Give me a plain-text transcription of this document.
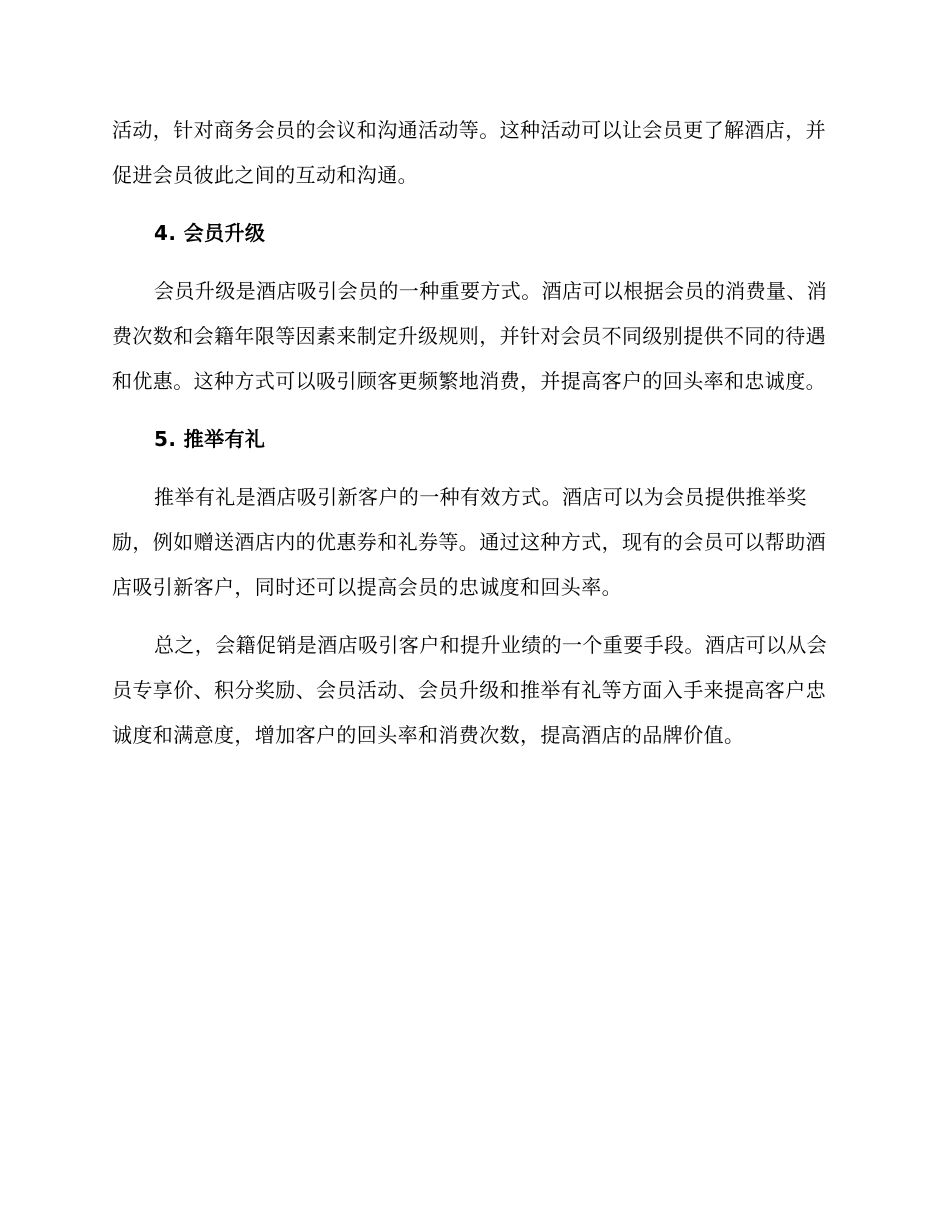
活动，针对商务会员的会议和沟通活动等。这种活动可以让会员更了解酒店，并促进会员彼此之间的互动和沟通。

4. 会员升级

会员升级是酒店吸引会员的一种重要方式。酒店可以根据会员的消费量、消费次数和会籍年限等因素来制定升级规则，并针对会员不同级别提供不同的待遇和优惠。这种方式可以吸引顾客更频繁地消费，并提高客户的回头率和忠诚度。

5. 推举有礼

推举有礼是酒店吸引新客户的一种有效方式。酒店可以为会员提供推举奖励，例如赠送酒店内的优惠券和礼券等。通过这种方式，现有的会员可以帮助酒店吸引新客户，同时还可以提高会员的忠诚度和回头率。

总之，会籍促销是酒店吸引客户和提升业绩的一个重要手段。酒店可以从会员专享价、积分奖励、会员活动、会员升级和推举有礼等方面入手来提高客户忠诚度和满意度，增加客户的回头率和消费次数，提高酒店的品牌价值。
